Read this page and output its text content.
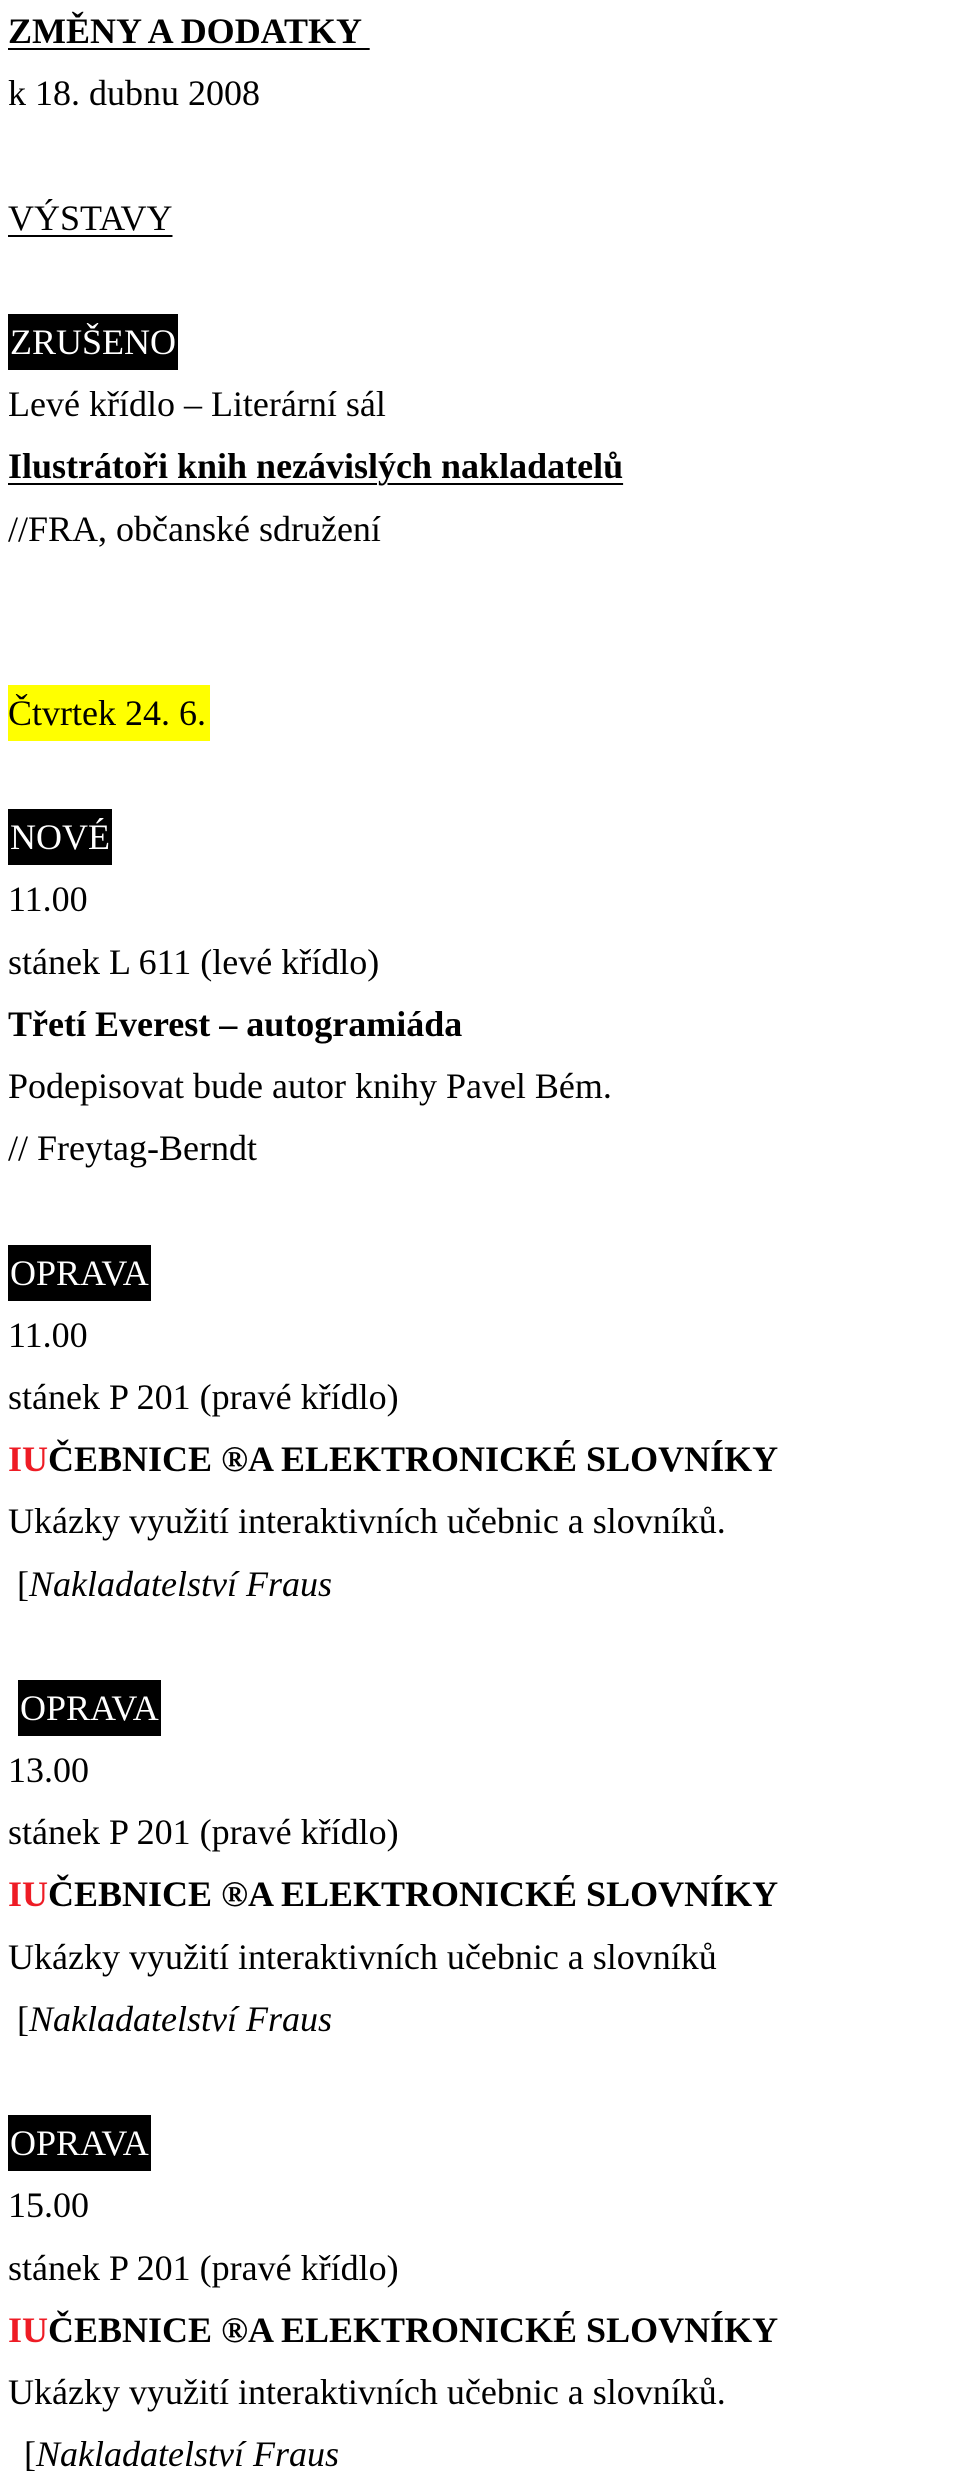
ZMĚNY A DODATKY
k 18. dubnu 2008
VÝSTAVY
ZRUŠENO
Levé křídlo – Literární sál
Ilustrátoři knih nezávislých nakladatelů
//FRA, občanské sdružení
Čtvrtek 24. 6.
NOVÉ
11.00
stánek L 611 (levé křídlo)
Třetí Everest – autogramiáda
Podepisovat bude autor knihy Pavel Bém.
// Freytag-Berndt
OPRAVA
11.00
stánek P 201 (pravé křídlo)
IUČEBNICE ®A ELEKTRONICKÉ SLOVNÍKY
Ukázky využití interaktivních učebnic a slovníků.
[Nakladatelství Fraus
OPRAVA
13.00
stánek P 201 (pravé křídlo)
IUČEBNICE ®A ELEKTRONICKÉ SLOVNÍKY
Ukázky využití interaktivních učebnic a slovníků
[Nakladatelství Fraus
OPRAVA
15.00
stánek P 201 (pravé křídlo)
IUČEBNICE ®A ELEKTRONICKÉ SLOVNÍKY
Ukázky využití interaktivních učebnic a slovníků.
[Nakladatelství Fraus
